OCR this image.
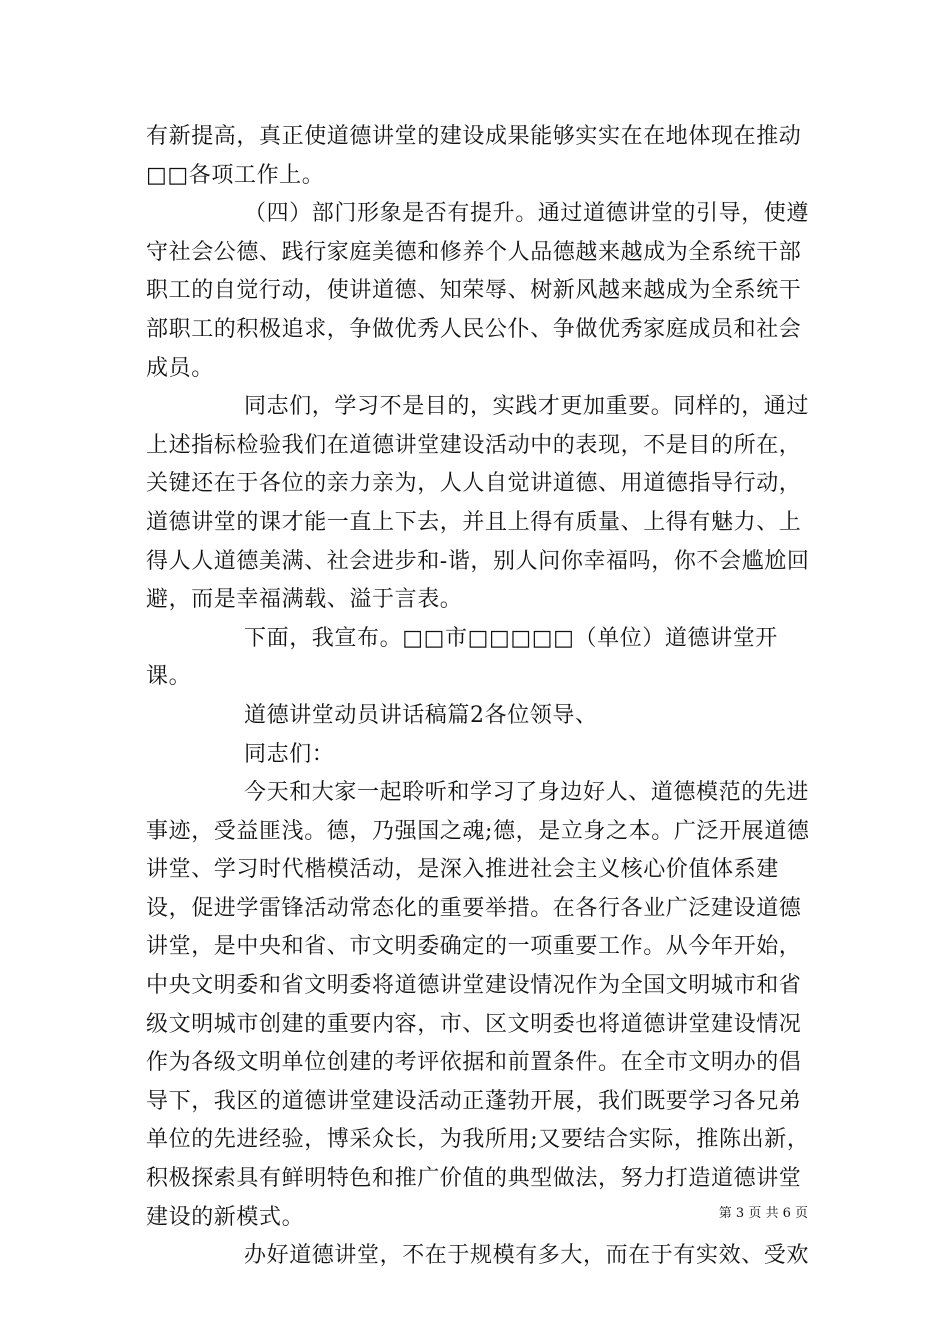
有新提高，真正使道德讲堂的建设成果能够实实在在地体现在推动□□各项工作上。

（四）部门形象是否有提升。通过道德讲堂的引导，使遵守社会公德、践行家庭美德和修养个人品德越来越成为全系统干部职工的自觉行动，使讲道德、知荣辱、树新风越来越成为全系统干部职工的积极追求，争做优秀人民公仆、争做优秀家庭成员和社会成员。

同志们，学习不是目的，实践才更加重要。同样的，通过上述指标检验我们在道德讲堂建设活动中的表现，不是目的所在，关键还在于各位的亲力亲为，人人自觉讲道德、用道德指导行动，道德讲堂的课才能一直上下去，并且上得有质量、上得有魅力、上得人人道德美满、社会进步和-谐，别人问你幸福吗，你不会尴尬回避，而是幸福满载、溢于言表。

下面，我宣布。□□市□□□□□（单位）道德讲堂开课。

道德讲堂动员讲话稿篇2各位领导、

同志们：

今天和大家一起聆听和学习了身边好人、道德模范的先进事迹，受益匪浅。德，乃强国之魂;德，是立身之本。广泛开展道德讲堂、学习时代楷模活动，是深入推进社会主义核心价值体系建设，促进学雷锋活动常态化的重要举措。在各行各业广泛建设道德讲堂，是中央和省、市文明委确定的一项重要工作。从今年开始，中央文明委和省文明委将道德讲堂建设情况作为全国文明城市和省级文明城市创建的重要内容，市、区文明委也将道德讲堂建设情况作为各级文明单位创建的考评依据和前置条件。在全市文明办的倡导下，我区的道德讲堂建设活动正蓬勃开展，我们既要学习各兄弟单位的先进经验，博采众长，为我所用;又要结合实际，推陈出新，积极探索具有鲜明特色和推广价值的典型做法，努力打造道德讲堂建设的新模式。

办好道德讲堂，不在于规模有多大，而在于有实效、受欢

第 3 页 共 6 页
